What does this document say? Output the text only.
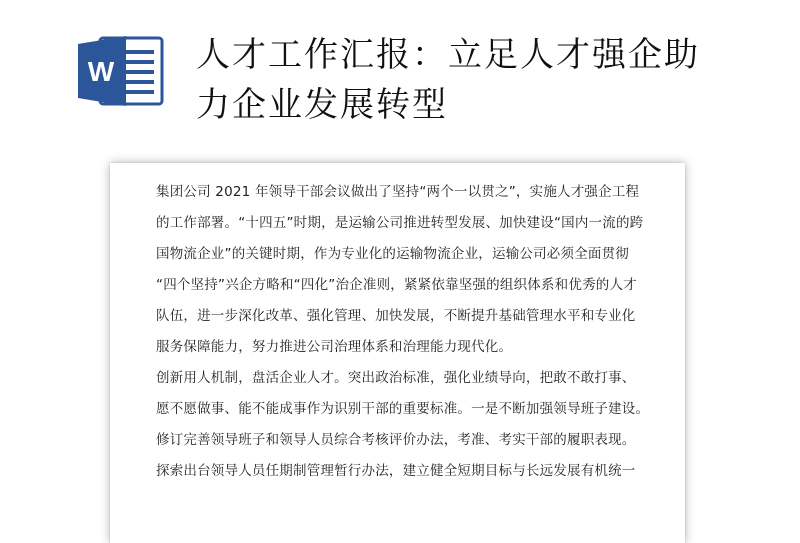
W 人才工作汇报：立足人才强企助
力企业发展转型
集团公司 2021 年领导干部会议做出了坚持“两个一以贯之”，实施人才强企工程
的工作部署。“十四五”时期，是运输公司推进转型发展、加快建设“国内一流的跨
国物流企业”的关键时期，作为专业化的运输物流企业，运输公司必须全面贯彻
“四个坚持”兴企方略和“四化”治企准则，紧紧依靠坚强的组织体系和优秀的人才
队伍，进一步深化改革、强化管理、加快发展，不断提升基础管理水平和专业化
服务保障能力，努力推进公司治理体系和治理能力现代化。
创新用人机制，盘活企业人才。突出政治标准，强化业绩导向，把敢不敢打事、
愿不愿做事、能不能成事作为识别干部的重要标准。一是不断加强领导班子建设。
修订完善领导班子和领导人员综合考核评价办法，考准、考实干部的履职表现。
探索出台领导人员任期制管理暂行办法，建立健全短期目标与长远发展有机统一
